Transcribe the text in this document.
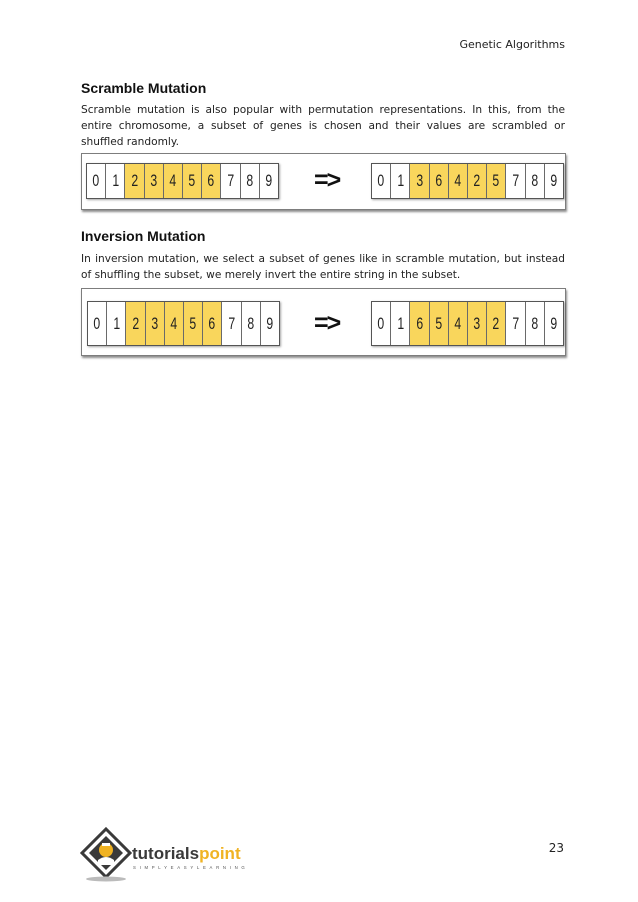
Genetic Algorithms
Scramble Mutation

Scramble mutation is also popular with permutation representations. In this, from the entire chromosome, a subset of genes is chosen and their values are scrambled or shuffled randomly.

0 1 2 3 4 5 6 7 8 9 => 0 1 3 6 4 2 5 7 8 9
Inversion Mutation

In inversion mutation, we select a subset of genes like in scramble mutation, but instead of shuffling the subset, we merely invert the entire string in the subset.

0 1 2 3 4 5 6 7 8 9 => 0 1 6 5 4 3 2 7 8 9
tutorialspoint
SIMPLYEASYLEARNING
23
